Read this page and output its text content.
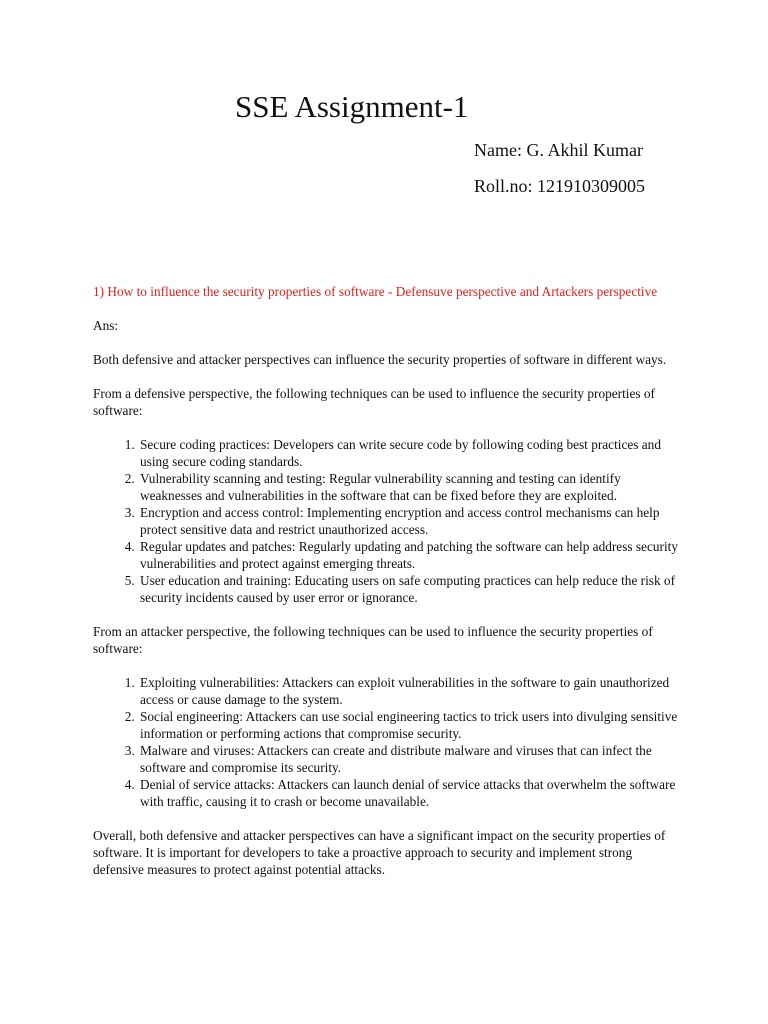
SSE Assignment-1

Name: G. Akhil Kumar

Roll.no: 121910309005

1) How to influence the security properties of software - Defensuve perspective and Artackers perspective

Ans:

Both defensive and attacker perspectives can influence the security properties of software in different ways.

From a defensive perspective, the following techniques can be used to influence the security properties of software:

1. Secure coding practices: Developers can write secure code by following coding best practices and using secure coding standards.
2. Vulnerability scanning and testing: Regular vulnerability scanning and testing can identify weaknesses and vulnerabilities in the software that can be fixed before they are exploited.
3. Encryption and access control: Implementing encryption and access control mechanisms can help protect sensitive data and restrict unauthorized access.
4. Regular updates and patches: Regularly updating and patching the software can help address security vulnerabilities and protect against emerging threats.
5. User education and training: Educating users on safe computing practices can help reduce the risk of security incidents caused by user error or ignorance.

From an attacker perspective, the following techniques can be used to influence the security properties of software:

1. Exploiting vulnerabilities: Attackers can exploit vulnerabilities in the software to gain unauthorized access or cause damage to the system.
2. Social engineering: Attackers can use social engineering tactics to trick users into divulging sensitive information or performing actions that compromise security.
3. Malware and viruses: Attackers can create and distribute malware and viruses that can infect the software and compromise its security.
4. Denial of service attacks: Attackers can launch denial of service attacks that overwhelm the software with traffic, causing it to crash or become unavailable.

Overall, both defensive and attacker perspectives can have a significant impact on the security properties of software. It is important for developers to take a proactive approach to security and implement strong defensive measures to protect against potential attacks.
